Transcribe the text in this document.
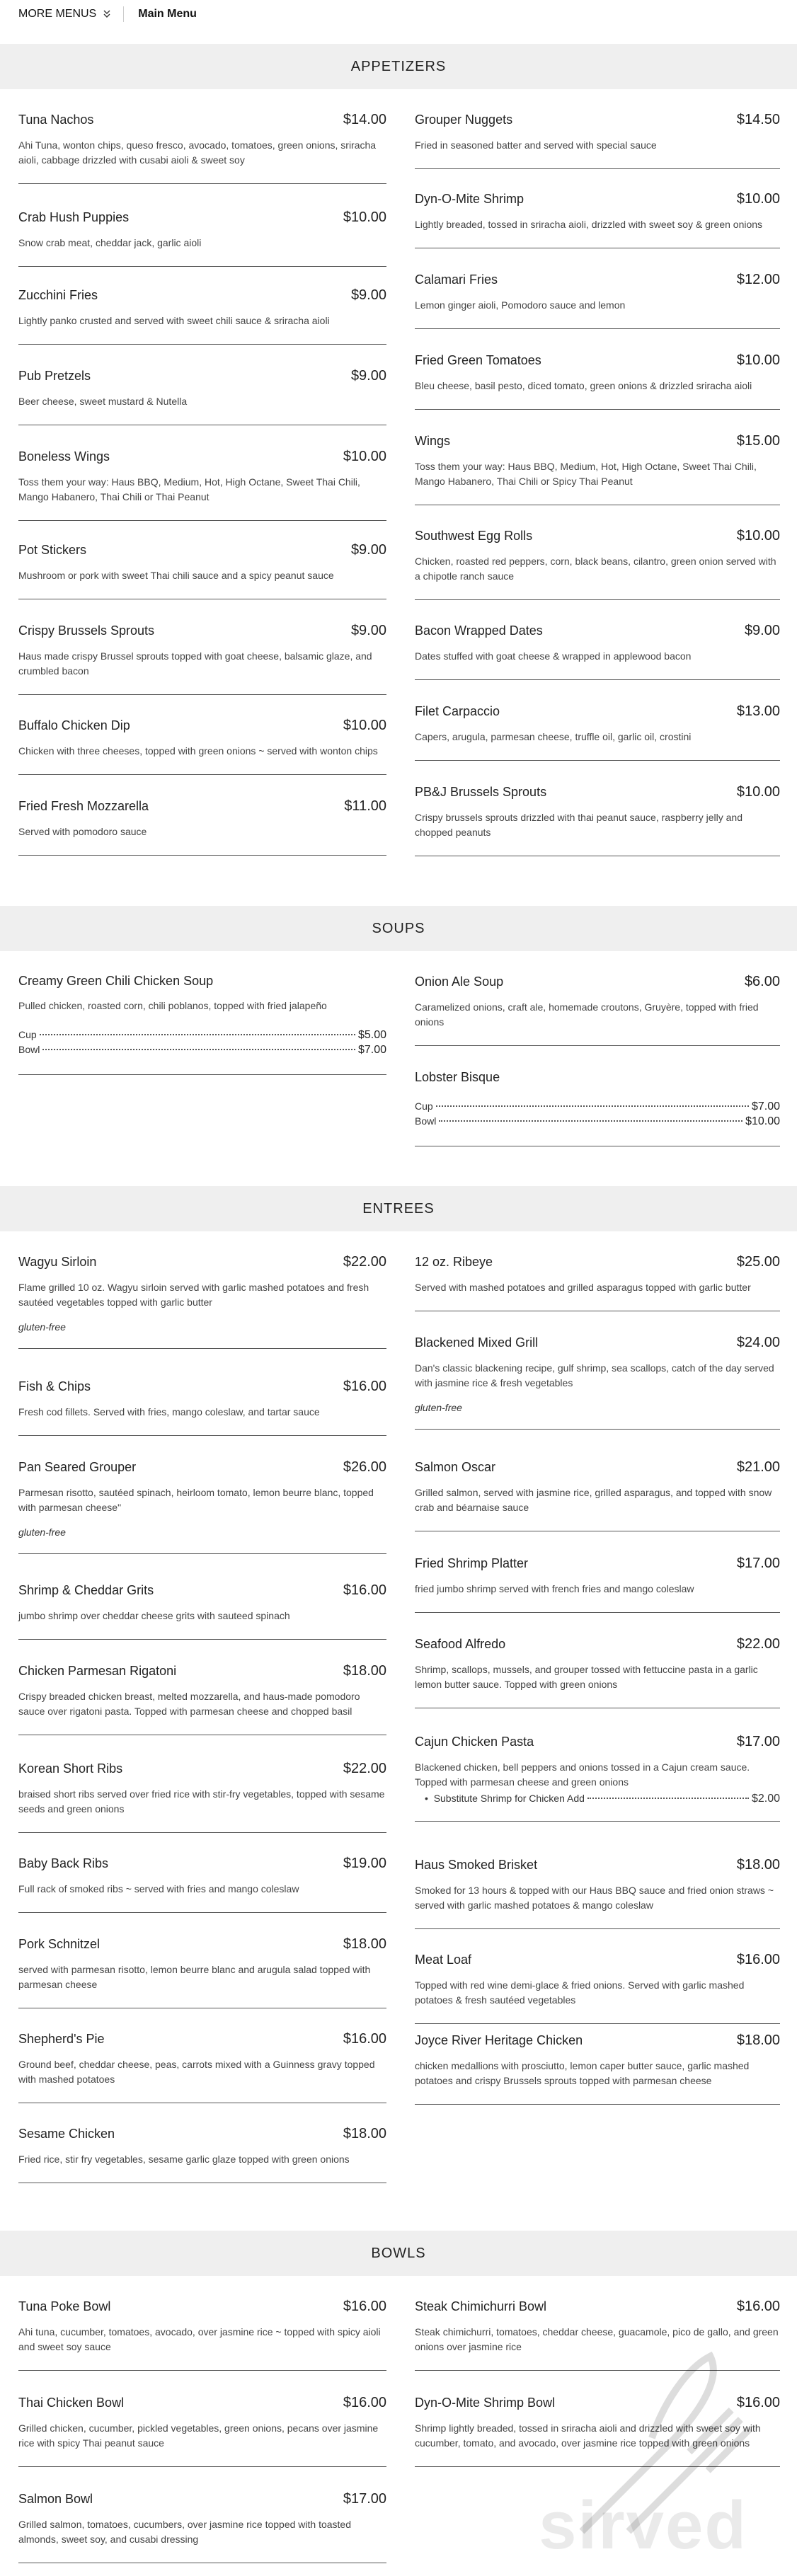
MORE MENUS	Main Menu
Tuna Nachos	$14.00
Ahi Tuna, wonton chips, queso fresco, avocado, tomatoes, green onions, sriracha aioli, cabbage drizzled with cusabi aioli & sweet soy
Crab Hush Puppies	$10.00
Snow crab meat, cheddar jack, garlic aioli
Zucchini Fries	$9.00
Lightly panko crusted and served with sweet chili sauce & sriracha aioli
Pub Pretzels	$9.00
Beer cheese, sweet mustard & Nutella
Boneless Wings	$10.00
Toss them your way: Haus BBQ, Medium, Hot, High Octane, Sweet Thai Chili, Mango Habanero, Thai Chili or Thai Peanut
Pot Stickers	$9.00
Mushroom or pork with sweet Thai chili sauce and a spicy peanut sauce
Crispy Brussels Sprouts	$9.00
Haus made crispy Brussel sprouts topped with goat cheese, balsamic glaze, and crumbled bacon
Buffalo Chicken Dip	$10.00
Chicken with three cheeses, topped with green onions ~ served with wonton chips
Fried Fresh Mozzarella	$11.00
Served with pomodoro sauce
Grouper Nuggets	$14.50
Fried in seasoned batter and served with special sauce
Dyn-O-Mite Shrimp	$10.00
Lightly breaded, tossed in sriracha aioli, drizzled with sweet soy & green onions
Calamari Fries	$12.00
Lemon ginger aioli, Pomodoro sauce and lemon
Fried Green Tomatoes	$10.00
Bleu cheese, basil pesto, diced tomato, green onions & drizzled sriracha aioli
Wings	$15.00
Toss them your way: Haus BBQ, Medium, Hot, High Octane, Sweet Thai Chili, Mango Habanero, Thai Chili or Spicy Thai Peanut
Southwest Egg Rolls	$10.00
Chicken, roasted red peppers, corn, black beans, cilantro, green onion served with a chipotle ranch sauce
Bacon Wrapped Dates	$9.00
Dates stuffed with goat cheese & wrapped in applewood bacon
Filet Carpaccio	$13.00
Capers, arugula, parmesan cheese, truffle oil, garlic oil, crostini
PB&J Brussels Sprouts	$10.00
Crispy brussels sprouts drizzled with thai peanut sauce, raspberry jelly and chopped peanuts
Creamy Green Chili Chicken Soup
Pulled chicken, roasted corn, chili poblanos, topped with fried jalapeño
Cup	$5.00
Bowl	$7.00
Onion Ale Soup	$6.00
Caramelized onions, craft ale, homemade croutons, Gruyère, topped with fried onions
Lobster Bisque
Cup	$7.00
Bowl	$10.00
Wagyu Sirloin	$22.00
Flame grilled 10 oz. Wagyu sirloin served with garlic mashed potatoes and fresh sautéed vegetables topped with garlic butter
gluten-free
Fish & Chips	$16.00
Fresh cod fillets. Served with fries, mango coleslaw, and tartar sauce
Pan Seared Grouper	$26.00
Parmesan risotto, sautéed spinach, heirloom tomato, lemon beurre blanc, topped with parmesan cheese"
gluten-free
Shrimp & Cheddar Grits	$16.00
jumbo shrimp over cheddar cheese grits with sauteed spinach
Chicken Parmesan Rigatoni	$18.00
Crispy breaded chicken breast, melted mozzarella, and haus-made pomodoro sauce over rigatoni pasta. Topped with parmesan cheese and chopped basil
Korean Short Ribs	$22.00
braised short ribs served over fried rice with stir-fry vegetables, topped with sesame seeds and green onions
Baby Back Ribs	$19.00
Full rack of smoked ribs ~ served with fries and mango coleslaw
Pork Schnitzel	$18.00
served with parmesan risotto, lemon beurre blanc and arugula salad topped with parmesan cheese
Shepherd's Pie	$16.00
Ground beef, cheddar cheese, peas, carrots mixed with a Guinness gravy topped with mashed potatoes
Sesame Chicken	$18.00
Fried rice, stir fry vegetables, sesame garlic glaze topped with green onions
12 oz. Ribeye	$25.00
Served with mashed potatoes and grilled asparagus topped with garlic butter
Blackened Mixed Grill	$24.00
Dan's classic blackening recipe, gulf shrimp, sea scallops, catch of the day served with jasmine rice & fresh vegetables
gluten-free
Salmon Oscar	$21.00
Grilled salmon, served with jasmine rice, grilled asparagus, and topped with snow crab and béarnaise sauce
Fried Shrimp Platter	$17.00
fried jumbo shrimp served with french fries and mango coleslaw
Seafood Alfredo	$22.00
Shrimp, scallops, mussels, and grouper tossed with fettuccine pasta in a garlic lemon butter sauce. Topped with green onions
Cajun Chicken Pasta	$17.00
Blackened chicken, bell peppers and onions tossed in a Cajun cream sauce. Topped with parmesan cheese and green onions
• Substitute Shrimp for Chicken Add	$2.00
Haus Smoked Brisket	$18.00
Smoked for 13 hours & topped with our Haus BBQ sauce and fried onion straws ~ served with garlic mashed potatoes & mango coleslaw
Meat Loaf	$16.00
Topped with red wine demi-glace & fried onions. Served with garlic mashed potatoes & fresh sautéed vegetables
Joyce River Heritage Chicken	$18.00
chicken medallions with prosciutto, lemon caper butter sauce, garlic mashed potatoes and crispy Brussels sprouts topped with parmesan cheese
Tuna Poke Bowl	$16.00
Ahi tuna, cucumber, tomatoes, avocado, over jasmine rice ~ topped with spicy aioli and sweet soy sauce
Thai Chicken Bowl	$16.00
Grilled chicken, cucumber, pickled vegetables, green onions, pecans over jasmine rice with spicy Thai peanut sauce
Salmon Bowl	$17.00
Grilled salmon, tomatoes, cucumbers, over jasmine rice topped with toasted almonds, sweet soy, and cusabi dressing
Steak Chimichurri Bowl	$16.00
Steak chimichurri, tomatoes, cheddar cheese, guacamole, pico de gallo, and green onions over jasmine rice
Dyn-O-Mite Shrimp Bowl	$16.00
Shrimp lightly breaded, tossed in sriracha aioli and drizzled with sweet soy with cucumber, tomato, and avocado, over jasmine rice topped with green onions
sirved
APPETIZERS
SOUPS
ENTREES
BOWLS
